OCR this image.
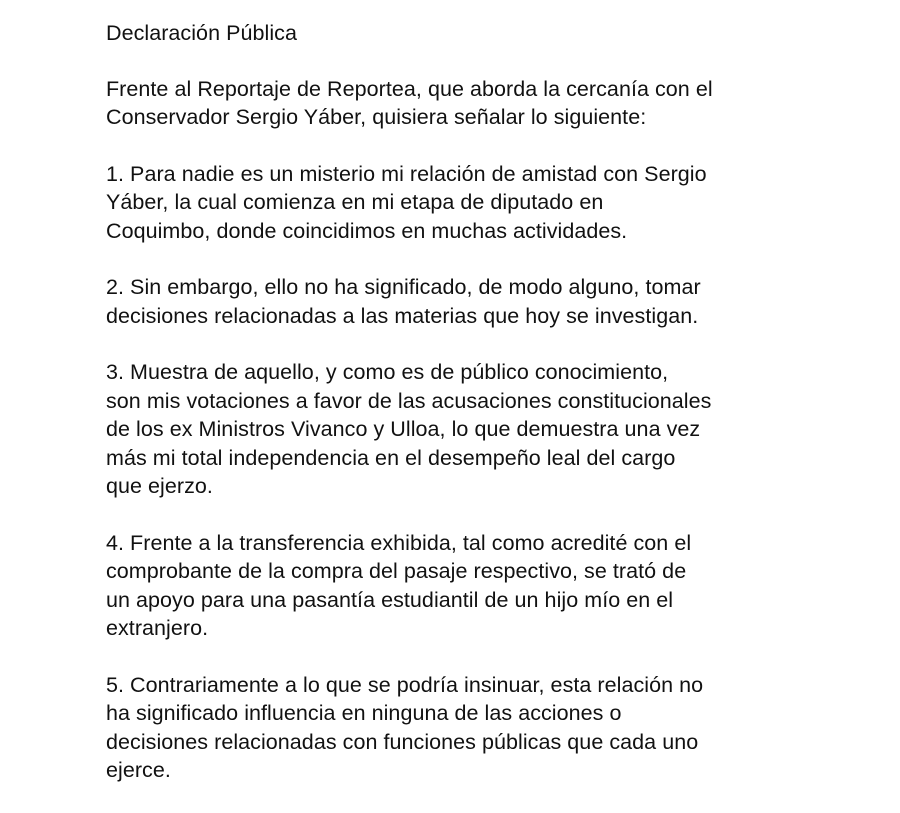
Declaración Pública
Frente al Reportaje de Reportea, que aborda la cercanía con el
Conservador Sergio Yáber, quisiera señalar lo siguiente:
1. Para nadie es un misterio mi relación de amistad con Sergio
Yáber, la cual comienza en mi etapa de diputado en
Coquimbo, donde coincidimos en muchas actividades.
2. Sin embargo, ello no ha significado, de modo alguno, tomar
decisiones relacionadas a las materias que hoy se investigan.
3. Muestra de aquello, y como es de público conocimiento,
son mis votaciones a favor de las acusaciones constitucionales
de los ex Ministros Vivanco y Ulloa, lo que demuestra una vez
más mi total independencia en el desempeño leal del cargo
que ejerzo.
4. Frente a la transferencia exhibida, tal como acredité con el
comprobante de la compra del pasaje respectivo, se trató de
un apoyo para una pasantía estudiantil de un hijo mío en el
extranjero.
5. Contrariamente a lo que se podría insinuar, esta relación no
ha significado influencia en ninguna de las acciones o
decisiones relacionadas con funciones públicas que cada uno
ejerce.
